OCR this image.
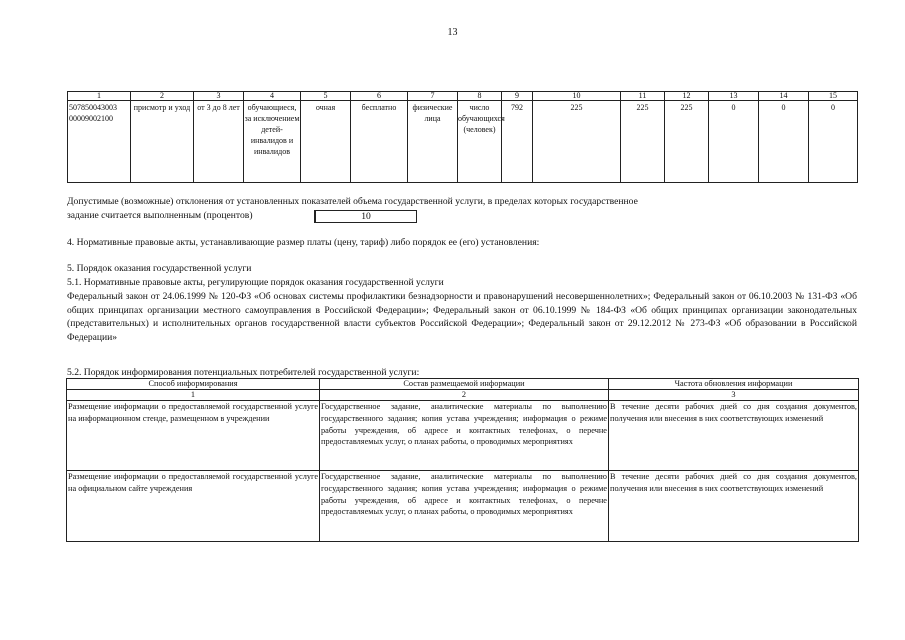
13
1	2	3	4	5	6	7	8	9	10	11	12	13	14	15
507850043003 00009002100	присмотр и уход	от 3 до 8 лет	обучающиеся, за исключением детей-инвалидов и инвалидов	очная	бесплатно	физические лица	число обучающихся (человек)	792	225	225	225	0	0	0
Допустимые (возможные) отклонения от установленных показателей объема государственной услуги, в пределах которых государственное
задание считается выполненным (процентов)	10
4. Нормативные правовые акты, устанавливающие размер платы (цену, тариф) либо порядок ее (его) установления:
5. Порядок оказания государственной услуги
5.1. Нормативные правовые акты, регулирующие порядок оказания государственной услуги
Федеральный закон от 24.06.1999 № 120-ФЗ «Об основах системы профилактики безнадзорности и правонарушений несовершеннолетних»; Федеральный закон от 06.10.2003 № 131-ФЗ «Об общих принципах организации местного самоуправления в Российской Федерации»; Федеральный закон от 06.10.1999 № 184-ФЗ «Об общих принципах организации законодательных (представительных) и исполнительных органов государственной власти субъектов Российской Федерации»; Федеральный закон от 29.12.2012 № 273-ФЗ «Об образовании в Российской Федерации»
5.2. Порядок информирования потенциальных потребителей государственной услуги:
Способ информирования	Состав размещаемой информации	Частота обновления информации
1	2	3
Размещение информации о предоставляемой государственной услуге на информационном стенде, размещенном в учреждении	Государственное задание, аналитические материалы по выполнению государственного задания; копия устава учреждения; информация о режиме работы учреждения, об адресе и контактных телефонах, о перечне предоставляемых услуг, о планах работы, о проводимых мероприятиях	В течение десяти рабочих дней со дня создания документов, получения или внесения в них соответствующих изменений
Размещение информации о предоставляемой государственной услуге на официальном сайте учреждения	Государственное задание, аналитические материалы по выполнению государственного задания; копия устава учреждения; информация о режиме работы учреждения, об адресе и контактных телефонах, о перечне предоставляемых услуг, о планах работы, о проводимых мероприятиях	В течение десяти рабочих дней со дня создания документов, получения или внесения в них соответствующих изменений
